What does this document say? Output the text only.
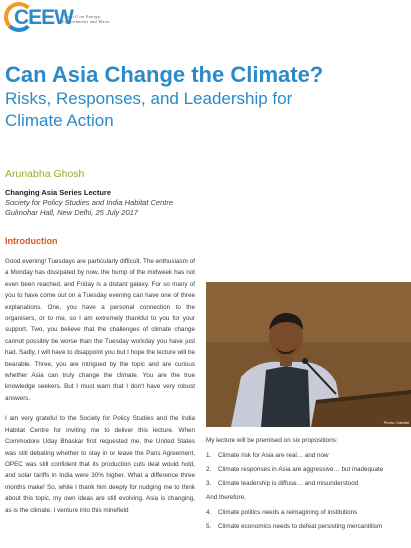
CEEW
Council on Energy, Environment and Water
Can Asia Change the Climate?
Risks, Responses, and Leadership for Climate Action
Arunabha Ghosh
Changing Asia Series Lecture
Society for Policy Studies and India Habitat Centre
Gulmohar Hall, New Delhi, 25 July 2017
Introduction

Good evening! Tuesdays are particularly difficult. The enthusiasm of a Monday has dissipated by now, the hump of the midweek has not even been reached, and Friday is a distant galaxy. For so many of you to have come out on a Tuesday evening can have one of three explanations. One, you have a personal connection to the organisers, or to me, so I am extremely thankful to you for your support. Two, you believe that the challenges of climate change cannot possibly be worse than the Tuesday workday you have just had. Sadly, I will have to disappoint you but I hope the lecture will be bearable. Three, you are intrigued by the topic and are curious whether Asia can truly change the climate. You are the true knowledge seekers. But I must warn that I don't have very robust answers.

I am very grateful to the Society for Policy Studies and the India Habitat Centre for inviting me to deliver this lecture. When Commodore Uday Bhaskar first requested me, the United States was still debating whether to stay in or leave the Paris Agreement, OPEC was still confident that its production cuts deal would hold, and solar tariffs in India were 30% higher. What a difference three months make! So, while I thank him deeply for nudging me to think about this topic, my own ideas are still evolving. Asia is changing, as is the climate. I venture into this minefield

Photo: Habitat

My lecture will be premised on six propositions:

1.	Climate risk for Asia are real… and now
2.	Climate responses in Asia are aggressive… but inadequate
3.	Climate leadership is diffuse… and misunderstood

And therefore,

4.	Climate politics needs a reimagining of institutions
5.	Climate economics needs to defeat persisting mercantilism
